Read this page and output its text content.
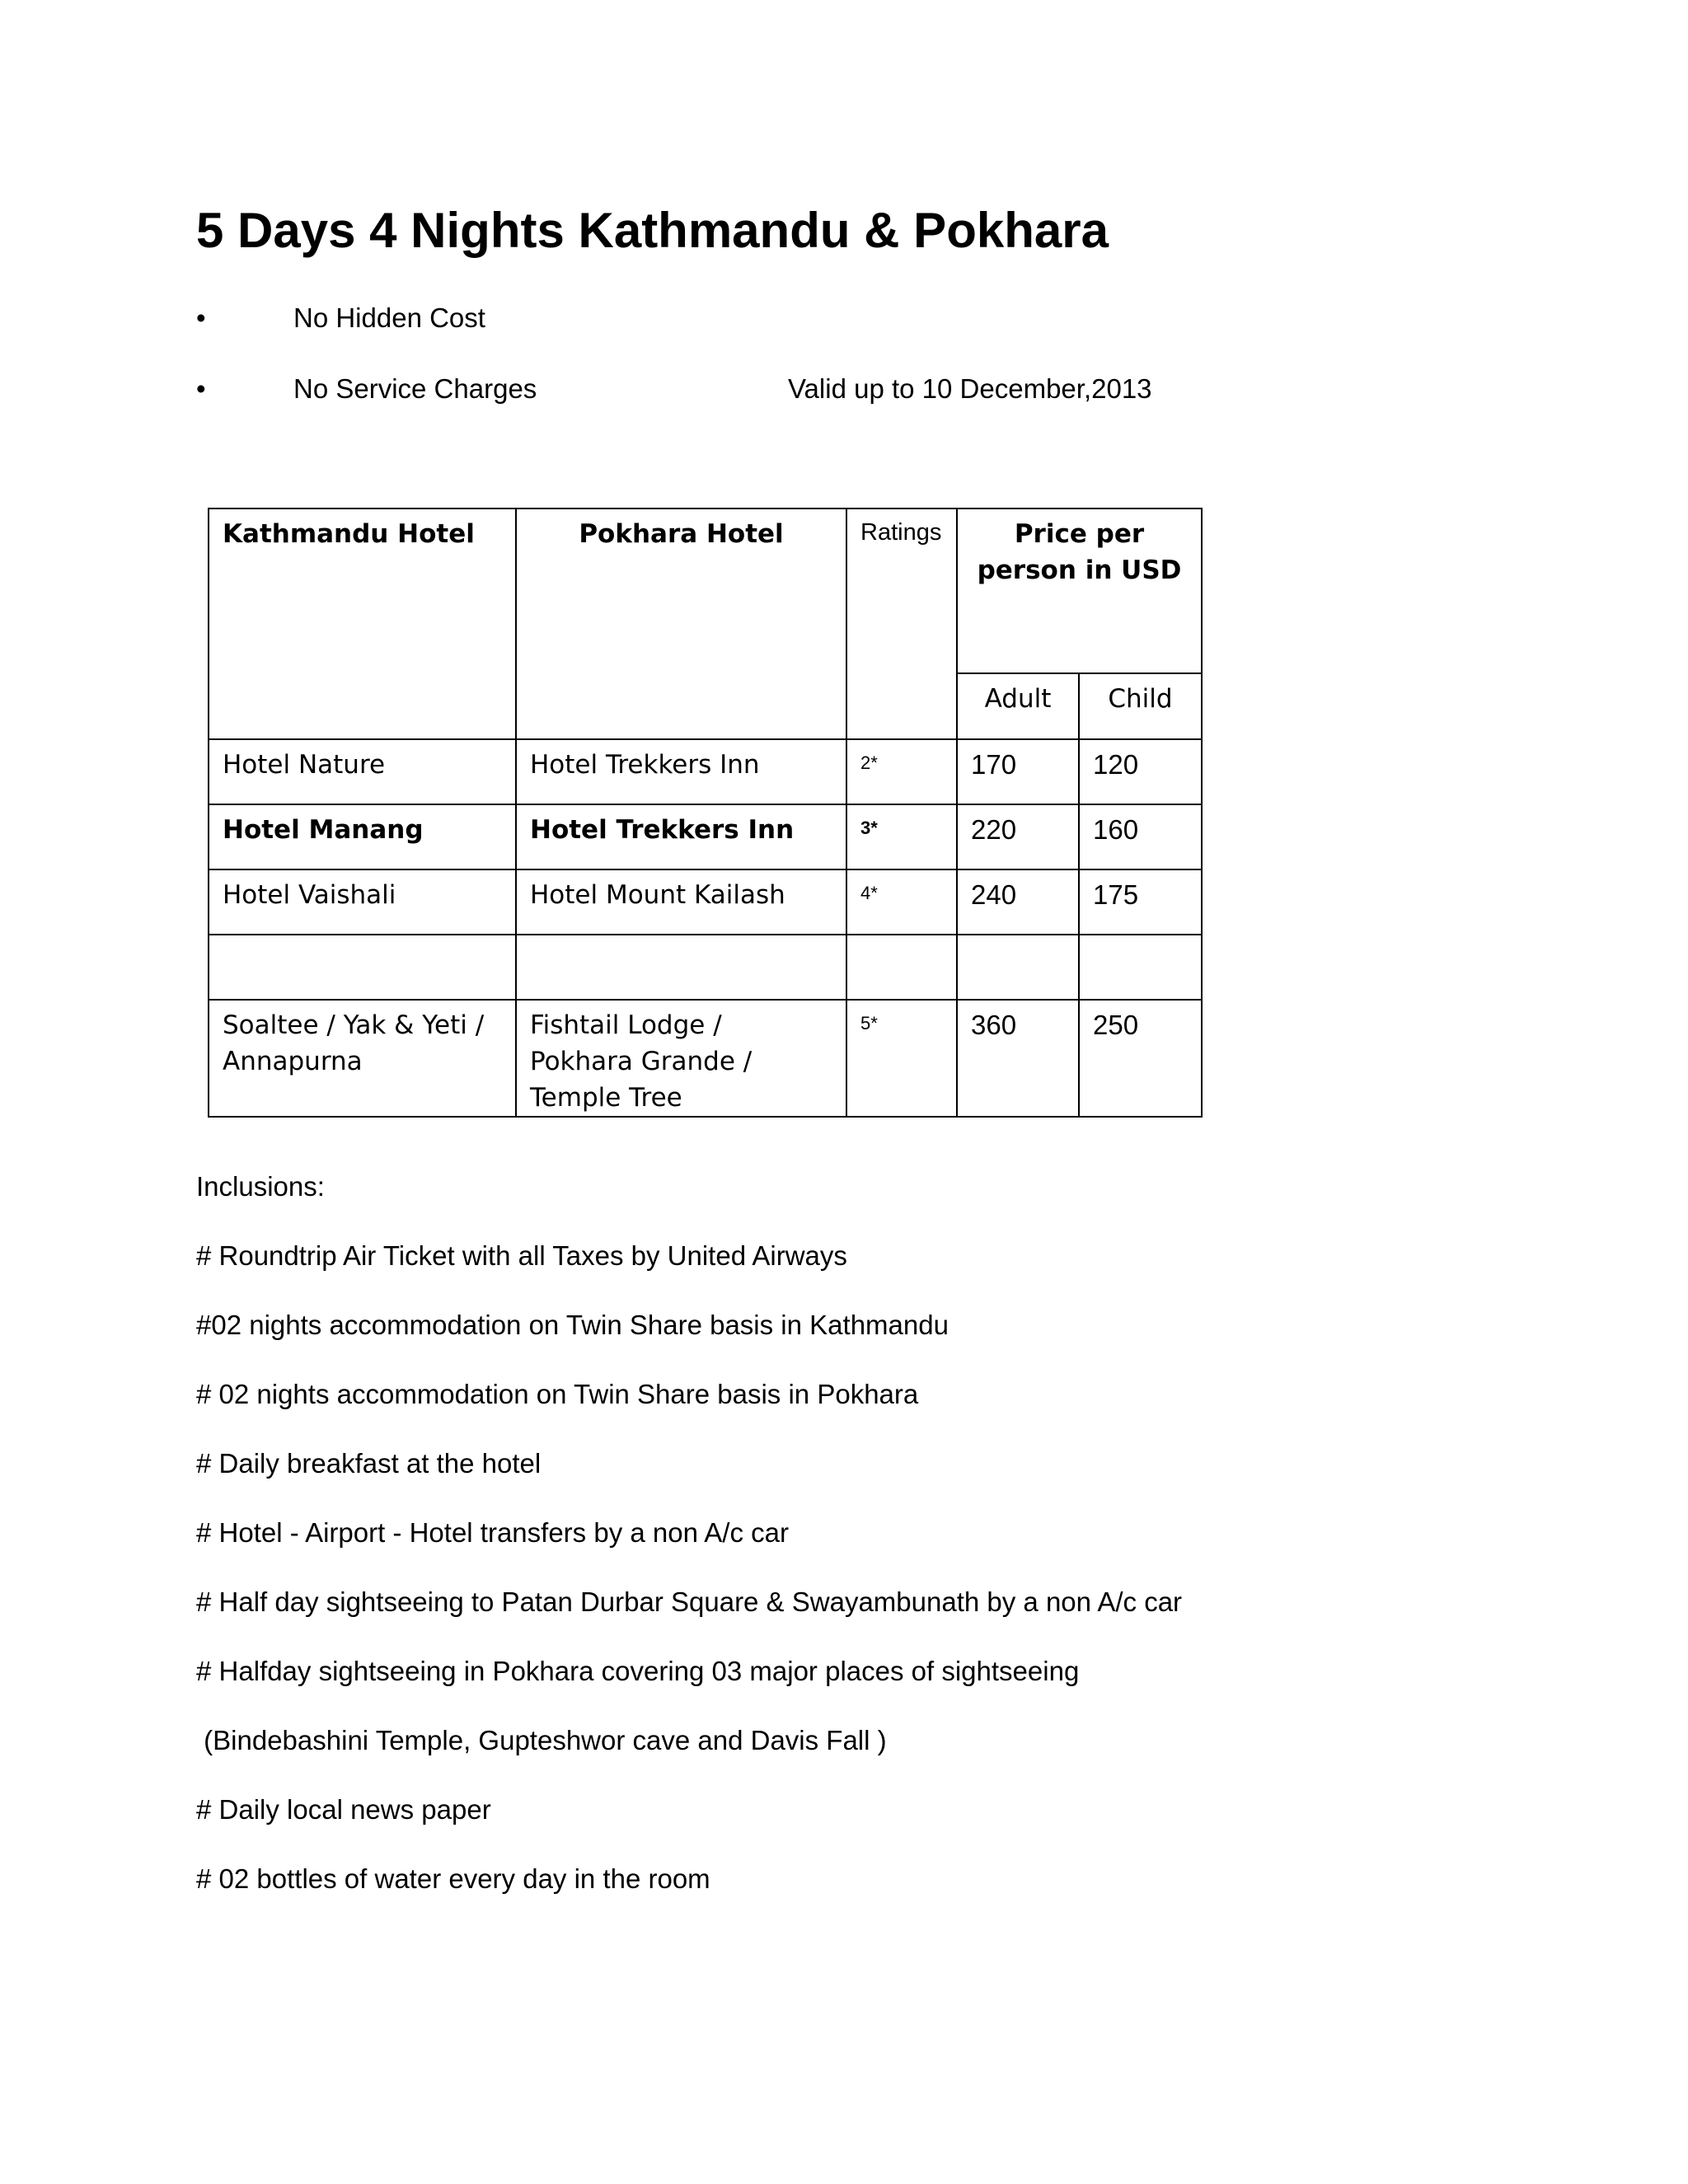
5 Days 4 Nights Kathmandu & Pokhara
•	No Hidden Cost
•	No Service Charges	Valid up to 10 December,2013
Kathmandu Hotel	Pokhara Hotel	Ratings	Price per person in USD	
			Adult	Child
Hotel Nature	Hotel Trekkers Inn	2*	170	120
Hotel Manang	Hotel Trekkers Inn	3*	220	160
Hotel Vaishali	Hotel Mount Kailash	4*	240	175

Soaltee / Yak & Yeti / Annapurna	Fishtail Lodge / Pokhara Grande / Temple Tree	5*	360	250
Inclusions:
# Roundtrip Air Ticket with all Taxes by United Airways
#02 nights accommodation on Twin Share basis in Kathmandu
# 02 nights accommodation on Twin Share basis in Pokhara
# Daily breakfast at the hotel
# Hotel - Airport - Hotel transfers by a non A/c car
# Half day sightseeing to Patan Durbar Square & Swayambunath by a non A/c car
# Halfday sightseeing in Pokhara covering 03 major places of sightseeing
(Bindebashini Temple, Gupteshwor cave and Davis Fall )
# Daily local news paper
# 02 bottles of water every day in the room
